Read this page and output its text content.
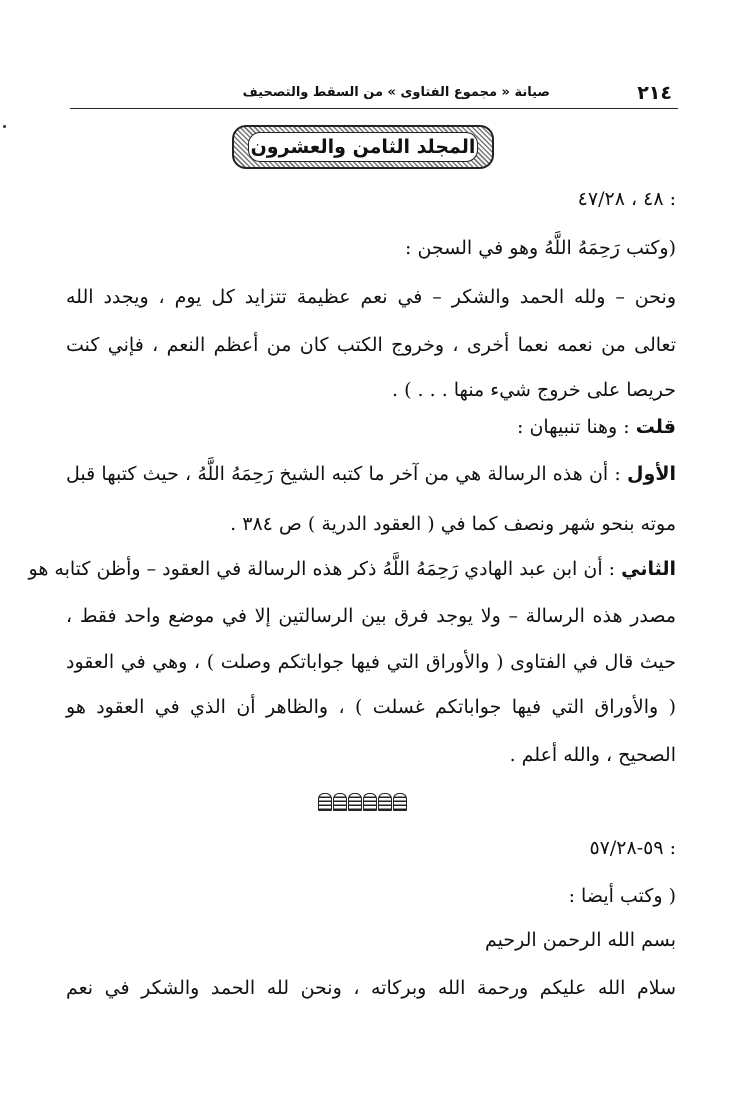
٢١٤
صيانة « مجموع الفتاوى » من السقط والتصحيف
المجلد الثامن والعشرون
: ٤٨ ، ٤٧/٢٨
(وكتب رَحِمَهُ اللَّهُ وهو في السجن :
ونحن – ولله الحمد والشكر – في نعم عظيمة تتزايد كل يوم ، ويجدد الله
تعالى من نعمه نعما أخرى ، وخروج الكتب كان من أعظم النعم ، فإني كنت
حريصا على خروج شيء منها . . . ) .
قلت : وهنا تنبيهان :
الأول : أن هذه الرسالة هي من آخر ما كتبه الشيخ رَحِمَهُ اللَّهُ ، حيث كتبها قبل
موته بنحو شهر ونصف كما في ( العقود الدرية ) ص ٣٨٤ .
الثاني : أن ابن عبد الهادي رَحِمَهُ اللَّهُ ذكر هذه الرسالة في العقود – وأظن كتابه هو
مصدر هذه الرسالة – ولا يوجد فرق بين الرسالتين إلا في موضع واحد فقط ،
حيث قال في الفتاوى ( والأوراق التي فيها جواباتكم وصلت ) ، وهي في العقود
( والأوراق التي فيها جواباتكم غسلت ) ، والظاهر أن الذي في العقود هو
الصحيح ، والله أعلم .
: ٥٩-٥٧/٢٨
( وكتب أيضا :
بسم الله الرحمن الرحيم
سلام الله عليكم ورحمة الله وبركاته ، ونحن لله الحمد والشكر في نعم
